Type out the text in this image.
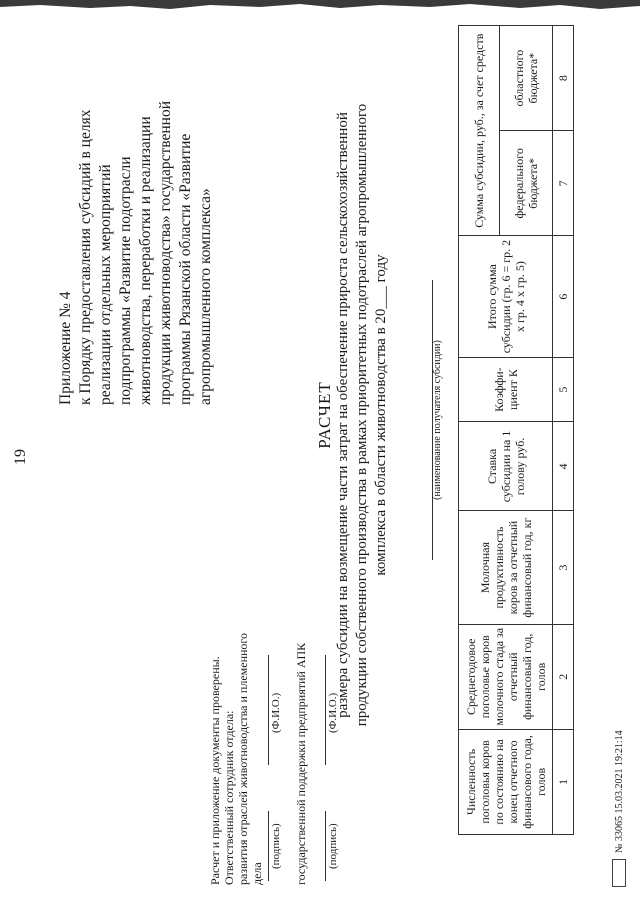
19
Приложение № 4 к Порядку предоставления субсидий в целях реализации отдельных мероприятий подпрограммы «Развитие подотрасли животноводства, переработки и реализации продукции животноводства» государственной программы Рязанской области «Развитие агропромышленного комплекса»
Расчет и приложение документы проверены. Ответственный сотрудник отдела: развития отраслей животноводства и племенного дела
(подпись)
(Ф.И.О.) государственной поддержки предприятий АПК (подпись)
(Ф.И.О.)
РАСЧЕТ размера субсидии на возмещение части затрат на обеспечение прироста сельскохозяйственной продукции собственного производства в рамках приоритетных подотраслей агропромышленного комплекса в области животноводства в 20___ году	(наименование получателя субсидии)
Численность поголовья коров по состоянию на конец отчетного финансового года, голов	Среднегодовое поголовье коров молочного стада за отчетный финансовый год, голов	Молочная продуктивность коров за отчетный финансовый год, кг	Ставка субсидии на 1 голову руб.	Коэффи-циент К	Итого сумма субсидии (гр. 6 = гр. 2 х гр. 4 х гр. 5)	Сумма субсидии, руб., за счет средств	
						федерального бюджета*	областного бюджета*
1	2	3	4	5	6	7	8
№ 33065 15.03.2021 19:21:14
